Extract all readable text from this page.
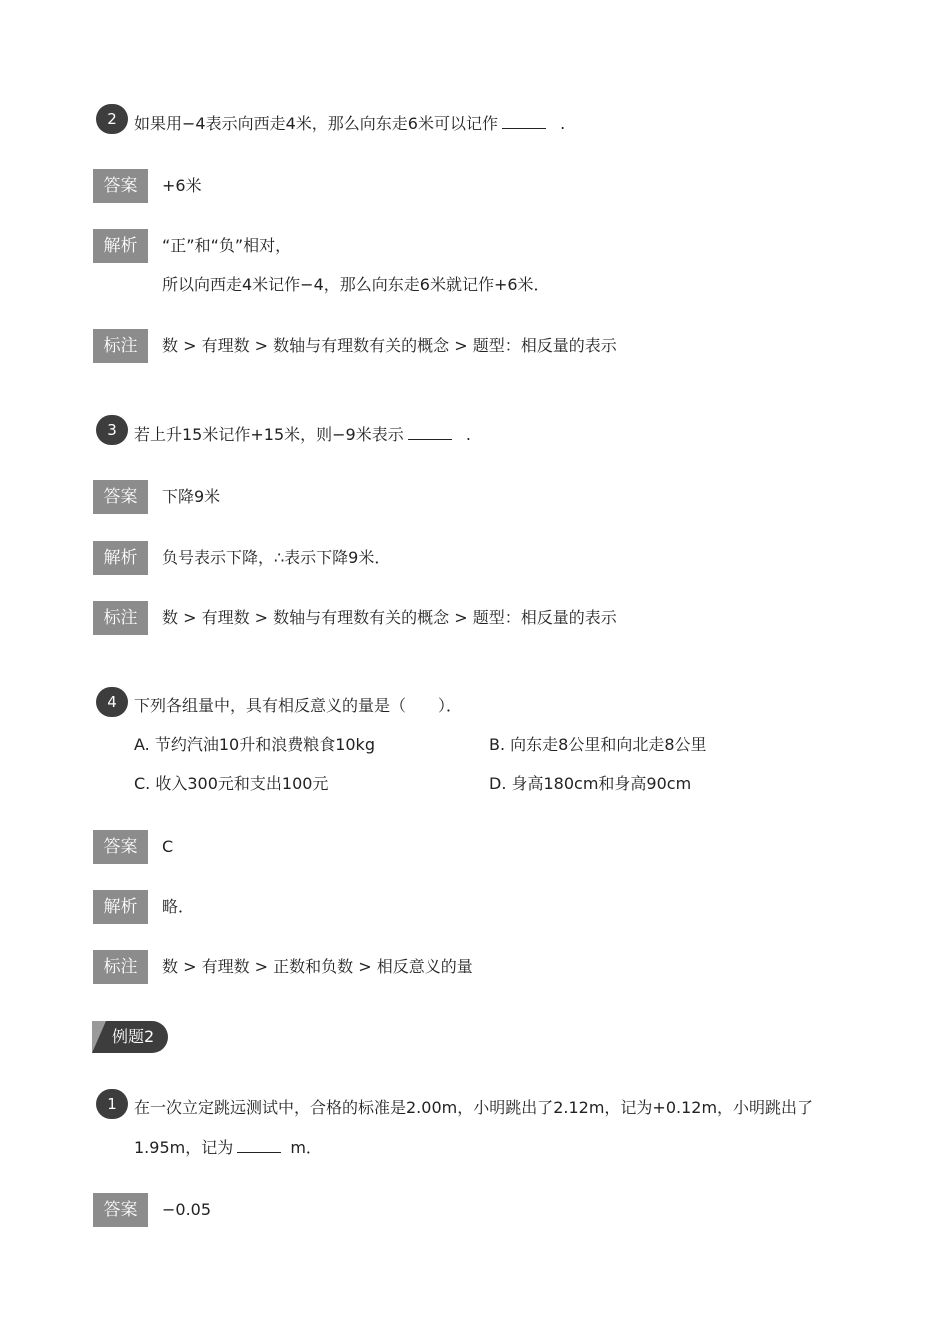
2	如果用−4表示向西走4米，那么向东走6米可以记作	.
答案	+6米
解析	“正”和“负”相对，
所以向西走4米记作−4，那么向东走6米就记作+6米．
标注	数 > 有理数 > 数轴与有理数有关的概念 > 题型：相反量的表示
3	若上升15米记作+15米，则−9米表示	.
答案	下降9米
解析	负号表示下降，∴表示下降9米．
标注	数 > 有理数 > 数轴与有理数有关的概念 > 题型：相反量的表示
4	下列各组量中，具有相反意义的量是（　　）．
A. 节约汽油10升和浪费粮食10kg	B. 向东走8公里和向北走8公里
C. 收入300元和支出100元	D. 身高180cm和身高90cm
答案	C
解析	略．
标注	数 > 有理数 > 正数和负数 > 相反意义的量
例题2
1	在一次立定跳远测试中，合格的标准是2.00m，小明跳出了2.12m，记为+0.12m，小明跳出了
1.95m，记为	m．
答案	−0.05
